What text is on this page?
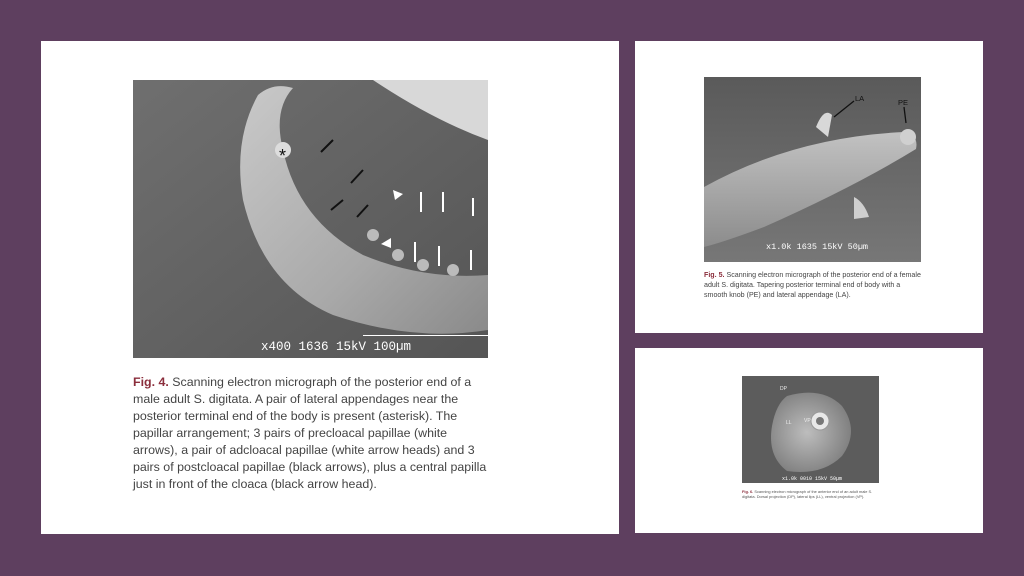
*
x400 1636 15kV 100µm
Fig. 4. Scanning electron micrograph of the posterior end of a male adult S. digitata. A pair of lateral appendages near the posterior terminal end of the body is present (asterisk). The papillar arrangement; 3 pairs of precloacal papillae (white arrows), a pair of adcloacal papillae (white arrow heads) and 3 pairs of postcloacal papillae (black arrows), plus a central papilla just in front of the cloaca (black arrow head).
LA	PE
x1.0k 1635 15kV 50µm
Fig. 5. Scanning electron micrograph of the posterior end of a female adult S. digitata. Tapering posterior terminal end of body with a smooth knob (PE) and lateral appendage (LA).
DP
LL VP
x1.0k 0010 15kV 50µm
Fig. 6. Scanning electron micrograph of the anterior end of an adult male S. digitata. Dorsal projection (DP), lateral lips (LL), ventral projection (VP).
